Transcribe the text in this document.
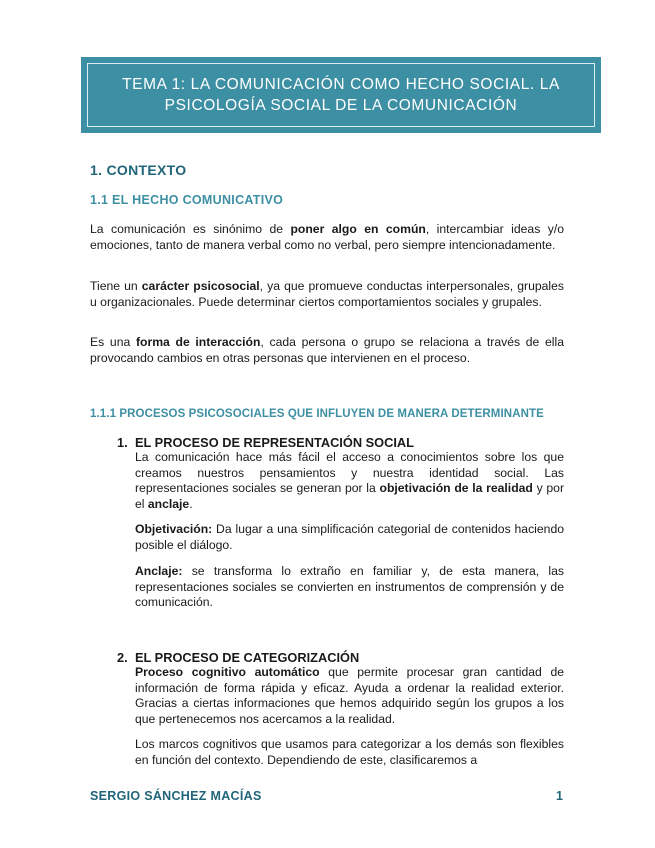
TEMA 1: LA COMUNICACIÓN COMO HECHO SOCIAL. LA
PSICOLOGÍA SOCIAL DE LA COMUNICACIÓN
1. CONTEXTO
1.1 EL HECHO COMUNICATIVO

La comunicación es sinónimo de poner algo en común, intercambiar ideas y/o emociones, tanto de manera verbal como no verbal, pero siempre intencionadamente.

Tiene un carácter psicosocial, ya que promueve conductas interpersonales, grupales u organizacionales. Puede determinar ciertos comportamientos sociales y grupales.

Es una forma de interacción, cada persona o grupo se relaciona a través de ella provocando cambios en otras personas que intervienen en el proceso.

1.1.1 PROCESOS PSICOSOCIALES QUE INFLUYEN DE MANERA DETERMINANTE

1. EL PROCESO DE REPRESENTACIÓN SOCIAL

La comunicación hace más fácil el acceso a conocimientos sobre los que creamos nuestros pensamientos y nuestra identidad social. Las representaciones sociales se generan por la objetivación de la realidad y por el anclaje.

Objetivación: Da lugar a una simplificación categorial de contenidos haciendo posible el diálogo.

Anclaje: se transforma lo extraño en familiar y, de esta manera, las representaciones sociales se convierten en instrumentos de comprensión y de comunicación.

2. EL PROCESO DE CATEGORIZACIÓN

Proceso cognitivo automático que permite procesar gran cantidad de información de forma rápida y eficaz. Ayuda a ordenar la realidad exterior. Gracias a ciertas informaciones que hemos adquirido según los grupos a los que pertenecemos nos acercamos a la realidad.

Los marcos cognitivos que usamos para categorizar a los demás son flexibles en función del contexto. Dependiendo de este, clasificaremos a

SERGIO SÁNCHEZ MACÍAS	1
